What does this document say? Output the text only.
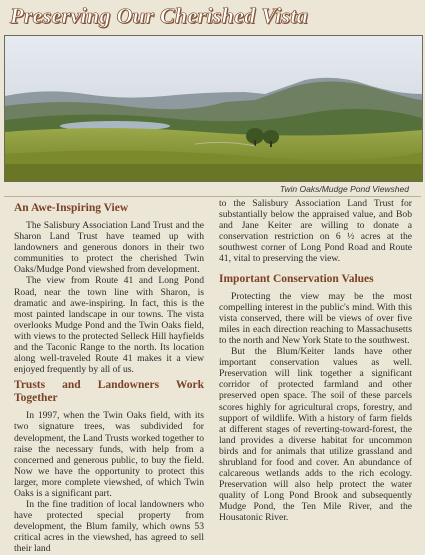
Preserving Our Cherished Vista
Twin Oaks/Mudge Pond Viewshed
An Awe-Inspiring View

The Salisbury Association Land Trust and the Sharon Land Trust have teamed up with landowners and generous donors in their two communities to protect the cherished Twin Oaks/Mudge Pond viewshed from development.

The view from Route 41 and Long Pond Road, near the town line with Sharon, is dramatic and awe-inspiring. In fact, this is the most painted landscape in our towns. The vista overlooks Mudge Pond and the Twin Oaks field, with views to the protected Selleck Hill hayfields and the Taconic Range to the north. Its location along well-traveled Route 41 makes it a view enjoyed frequently by all of us.

Trusts and Landowners Work Together

In 1997, when the Twin Oaks field, with its two signature trees, was subdivided for development, the Land Trusts worked together to raise the necessary funds, with help from a concerned and generous public, to buy the field. Now we have the opportunity to protect this larger, more complete viewshed, of which Twin Oaks is a significant part.

In the fine tradition of local landowners who have protected special property from development, the Blum family, which owns 53 critical acres in the viewshed, has agreed to sell their land

to the Salisbury Association Land Trust for substantially below the appraised value, and Bob and Jane Keiter are willing to donate a conservation restriction on 6 ½ acres at the southwest corner of Long Pond Road and Route 41, vital to preserving the view.

Important Conservation Values

Protecting the view may be the most compelling interest in the public's mind. With this vista conserved, there will be views of over five miles in each direction reaching to Massachusetts to the north and New York State to the southwest.

But the Blum/Keiter lands have other important conservation values as well. Preservation will link together a significant corridor of protected farmland and other preserved open space. The soil of these parcels scores highly for agricultural crops, forestry, and support of wildlife. With a history of farm fields at different stages of reverting-toward-forest, the land provides a diverse habitat for uncommon birds and for animals that utilize grassland and shrubland for food and cover. An abundance of calcareous wetlands adds to the rich ecology. Preservation will also help protect the water quality of Long Pond Brook and subsequently Mudge Pond, the Ten Mile River, and the Housatonic River.
